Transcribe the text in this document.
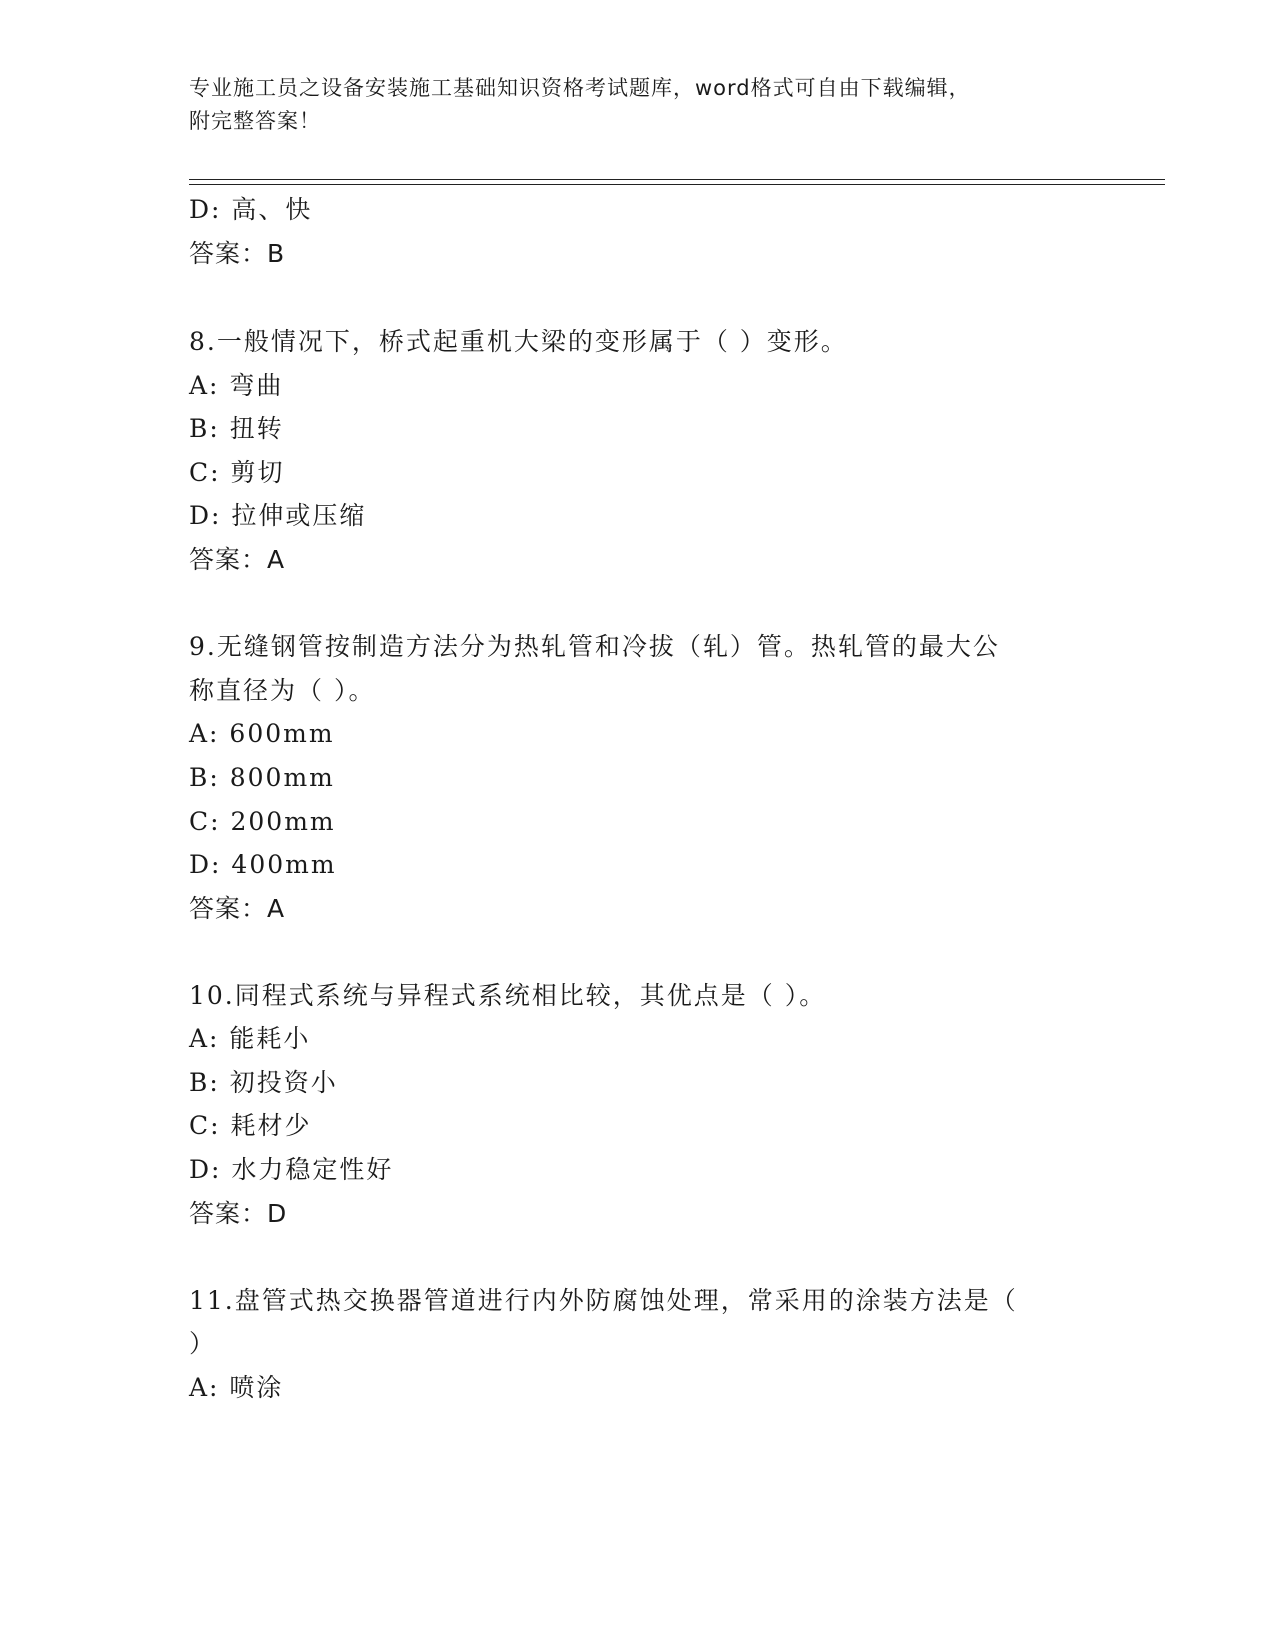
专业施工员之设备安装施工基础知识资格考试题库，word格式可自由下载编辑，
附完整答案！
D: 高、快
答案：B
8.一般情况下，桥式起重机大梁的变形属于（ ）变形。
A: 弯曲
B: 扭转
C: 剪切
D: 拉伸或压缩
答案：A
9.无缝钢管按制造方法分为热轧管和冷拔（轧）管。热轧管的最大公
称直径为（ ）。
A: 600mm
B: 800mm
C: 200mm
D: 400mm
答案：A
10.同程式系统与异程式系统相比较，其优点是（ ）。
A: 能耗小
B: 初投资小
C: 耗材少
D: 水力稳定性好
答案：D
11.盘管式热交换器管道进行内外防腐蚀处理，常采用的涂装方法是（
）
A: 喷涂
